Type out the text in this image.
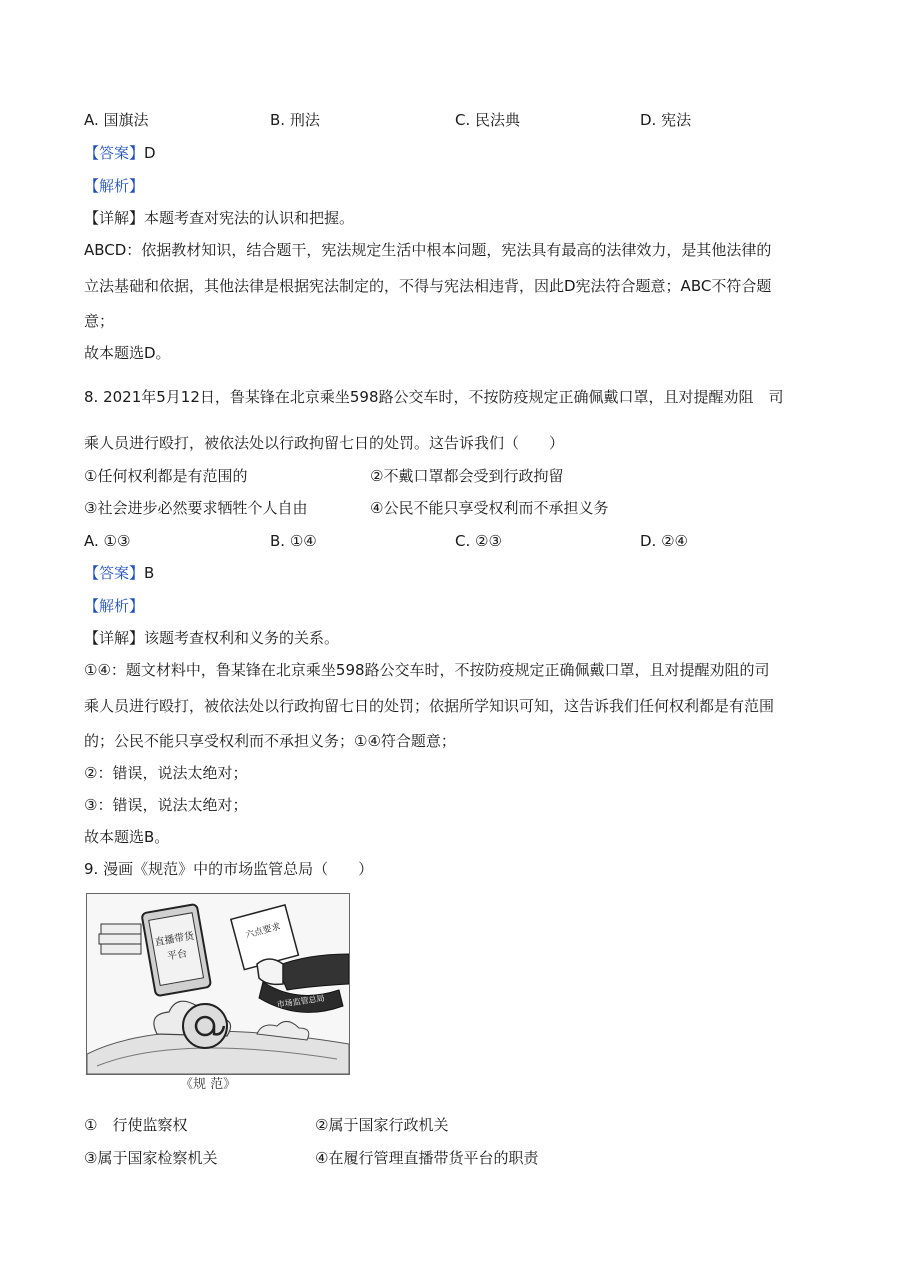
A. 国旗法	B. 刑法	C. 民法典	D. 宪法
【答案】D
【解析】
【详解】本题考查对宪法的认识和把握。
ABCD：依据教材知识，结合题干，宪法规定生活中根本问题，宪法具有最高的法律效力，是其他法律的
立法基础和依据，其他法律是根据宪法制定的，不得与宪法相违背，因此D宪法符合题意；ABC不符合题
意；
故本题选D。
8. 2021年5月12日，鲁某锋在北京乘坐598路公交车时，不按防疫规定正确佩戴口罩，且对提醒劝阻　司
乘人员进行殴打，被依法处以行政拘留七日的处罚。这告诉我们（　　）
①任何权利都是有范围的	②不戴口罩都会受到行政拘留
③社会进步必然要求牺牲个人自由	④公民不能只享受权利而不承担义务
A. ①③	B. ①④	C. ②③	D. ②④
【答案】B
【解析】
【详解】该题考查权利和义务的关系。
①④：题文材料中，鲁某锋在北京乘坐598路公交车时，不按防疫规定正确佩戴口罩，且对提醒劝阻的司
乘人员进行殴打，被依法处以行政拘留七日的处罚；依据所学知识可知，这告诉我们任何权利都是有范围
的；公民不能只享受权利而不承担义务；①④符合题意；
②：错误，说法太绝对；
③：错误，说法太绝对；
故本题选B。
9. 漫画《规范》中的市场监管总局（　　）
直播带货
平台
六点要求
市场监管总局
《规 范》
①　行使监察权	②属于国家行政机关
③属于国家检察机关	④在履行管理直播带货平台的职责
